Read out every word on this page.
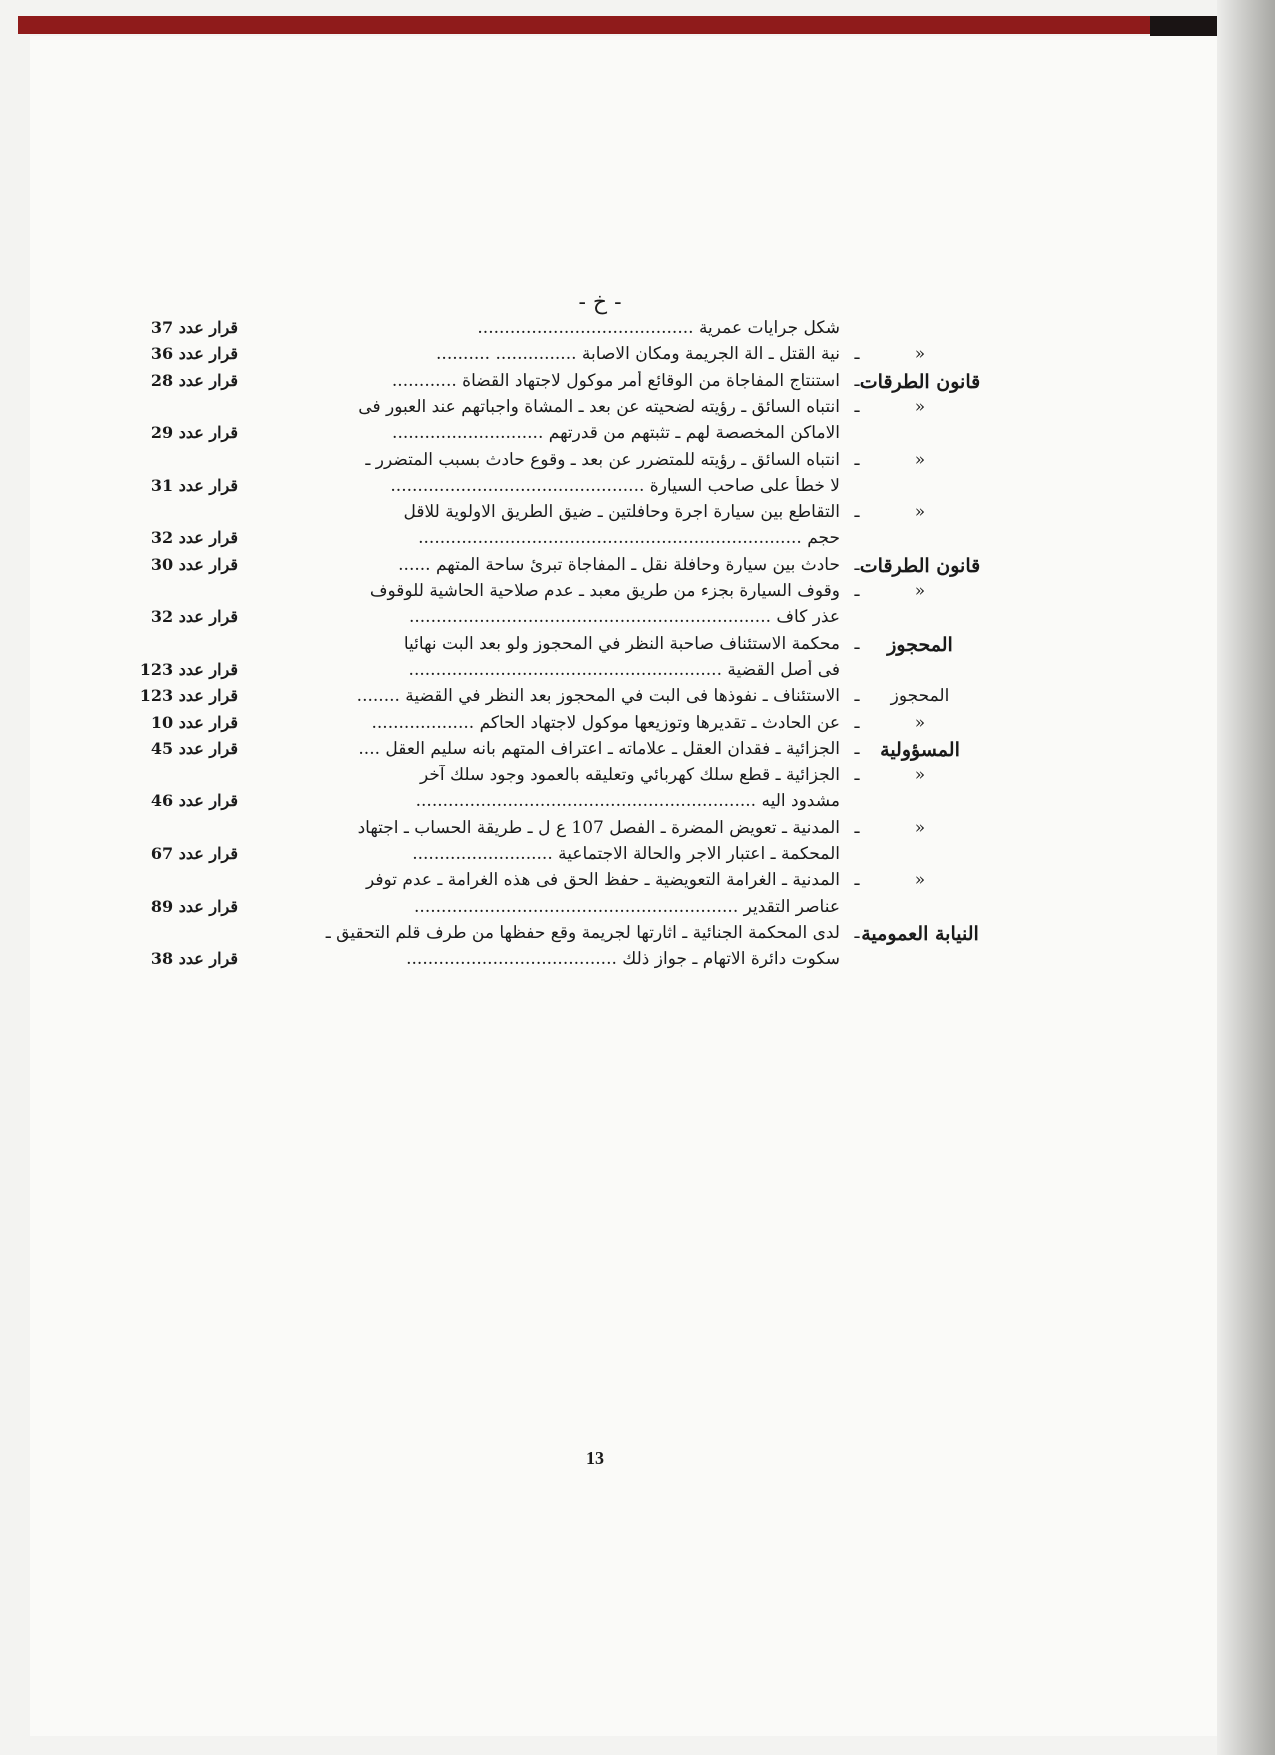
- خ -
شكل جرايات عمرية ........................................
قرار عدد 37
«
ـ
نية القتل ـ الة الجريمة ومكان الاصابة ............... ..........
قرار عدد 36
قانون الطرقات
ـ
استنتاج المفاجاة من الوقائع أمر موكول لاجتهاد القضاة ............
قرار عدد 28
«
ـ
انتباه السائق ـ رؤيته لضحيته عن بعد ـ المشاة واجباتهم عند العبور فى
الاماكن المخصصة لهم ـ تثبتهم من قدرتهم ............................
قرار عدد 29
«
ـ
انتباه السائق ـ رؤيته للمتضرر عن بعد ـ وقوع حادث بسبب المتضرر ـ
لا خطأ على صاحب السيارة ...............................................
قرار عدد 31
«
ـ
التقاطع بين سيارة اجرة وحافلتين ـ ضيق الطريق الاولوية للاقل
حجم .......................................................................
قرار عدد 32
قانون الطرقات
ـ
حادث بين سيارة وحافلة نقل ـ المفاجاة تبرئ ساحة المتهم ......
قرار عدد 30
«
ـ
وقوف السيارة بجزء من طريق معبد ـ عدم صلاحية الحاشية للوقوف
عذر كاف ...................................................................
قرار عدد 32
المحجوز
ـ
محكمة الاستئناف صاحبة النظر في المحجوز ولو بعد البت نهائيا
فى أصل القضية ..........................................................
قرار عدد 123
المحجوز
ـ
الاستئناف ـ نفوذها فى البت في المحجوز بعد النظر في القضية ........
قرار عدد 123
«
ـ
عن الحادث ـ تقديرها وتوزيعها موكول لاجتهاد الحاكم ...................
قرار عدد 10
المسؤولية
ـ
الجزائية ـ فقدان العقل ـ علاماته ـ اعتراف المتهم بانه سليم العقل ....
قرار عدد 45
«
ـ
الجزائية ـ قطع سلك كهربائي وتعليقه بالعمود وجود سلك آخر
مشدود اليه ...............................................................
قرار عدد 46
«
ـ
المدنية ـ تعويض المضرة ـ الفصل 107 ع ل ـ طريقة الحساب ـ اجتهاد
المحكمة ـ اعتبار الاجر والحالة الاجتماعية ..........................
قرار عدد 67
«
ـ
المدنية ـ الغرامة التعويضية ـ حفظ الحق فى هذه الغرامة ـ عدم توفر
عناصر التقدير ............................................................
قرار عدد 89
النيابة العمومية
ـ
لدى المحكمة الجنائية ـ اثارتها لجريمة وقع حفظها من طرف قلم التحقيق ـ
سكوت دائرة الاتهام ـ جواز ذلك .......................................
قرار عدد 38
13
